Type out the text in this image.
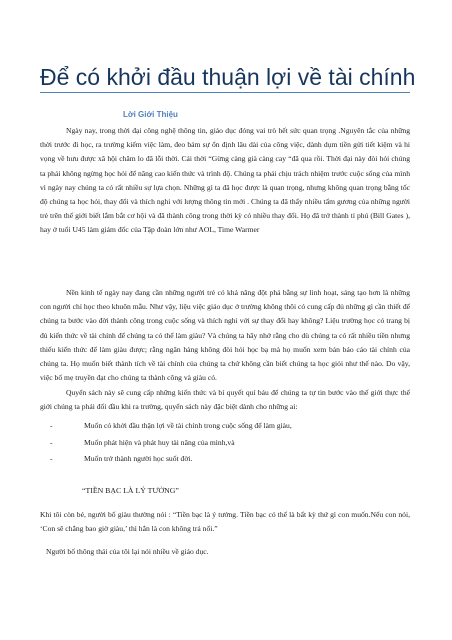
Để có khởi đầu thuận lợi về tài chính
Lời Giới Thiệu

Ngày nay, trong thời đại công nghệ thông tin, giáo dục đóng vai trò hết sức quan trọng .Nguyên tắc của những thời trước đi học, ra trường kiếm việc làm, đeo bám sự ổn định lâu dài của công việc, dành dụm tiền gửi tiết kiệm và hi vọng về hưu được xã hội chăm lo đã lỗi thời. Cái thời “Gừng càng già càng cay “đã qua rồi. Thời đại này đòi hỏi chúng ta phải không ngừng học hỏi để nâng cao kiến thức và trình độ. Chúng ta phải chịu trách nhiệm trước cuộc sống của mình vì ngày nay chúng ta có rất nhiều sự lựa chọn. Những gì ta đã học được là quan trọng, nhưng không quan trọng bằng tốc độ chúng ta học hỏi, thay đổi và thích nghi với lượng thông tin mới . Chúng ta đã thấy nhiều tấm gương của những người trẻ trên thế giới biết lắm bắt cơ hội và đã thành công trong thời kỳ có nhiều thay đổi. Họ đã trở thành tỉ phú (Bill Gates ), hay ở tuổi U45 làm giám đốc của Tập đoàn lớn như AOL, Time Warmer

Nền kinh tế ngày nay đang cần những người trẻ có khả năng đột phá bằng sự linh hoạt, sáng tạo hơn là những con người chỉ học theo khuôn mẫu. Như vậy, liệu việc giáo dục ở trường không thôi có cung cấp đủ những gì cần thiết để chúng ta bước vào đời thành công trong cuộc sống và thích nghi với sự thay đổi hay không? Liệu trường học có trang bị đủ kiến thức về tài chính để chúng ta có thể làm giàu? Và chúng ta hãy nhớ rằng cho dù chúng ta có rất nhiều tiền nhưng thiếu kiến thức để làm giàu được; rằng ngân hàng không đòi hỏi học bạ mà họ muốn xem bản báo cáo tài chính của chúng ta. Họ muốn biết thành tích về tài chính của chúng ta chứ không cần biết chúng ta học giỏi như thế nào. Do vậy, việc bố mẹ truyền đạt cho chúng ta thành công và giàu có.

Quyển sách này sẽ cung cấp những kiến thức và bí quyết quí báu để chúng ta tự tin bước vào thế giới thực thế giới chúng ta phải đối đầu khi ra trường, quyển sách này đặc biệt dành cho những ai:

-	Muốn có khởi đầu thận lợi về tài chính trong cuộc sống để làm giàu,
-	Muốn phát hiện và phát huy tài năng của mình,và
-	Muốn trở thành người học suốt đời.
“TIỀN BẠC LÀ LÝ TƯỞNG”

Khi tôi còn bé, người bố giàu thường nói : “Tiền bạc là ý tưởng. Tiền bạc có thể là bất kỳ thứ gì con muốn.Nếu con nói, ‘Con sẽ chẳng bao giờ giàu,’ thì hẳn là con không trả nổi.”

Người bố thông thái của tôi lại nói nhiều về giáo dục.
